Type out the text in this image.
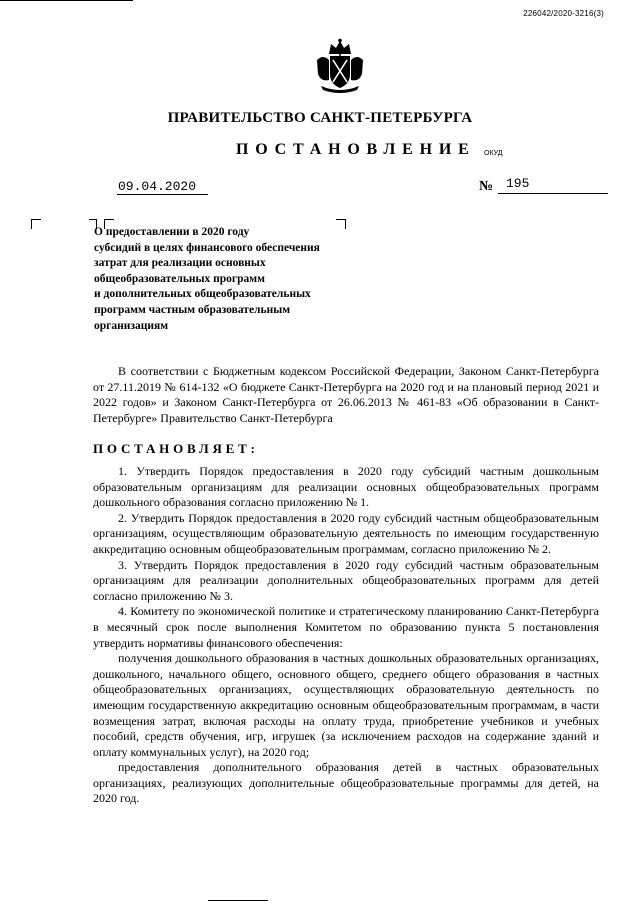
226042/2020-3216(3)
ПРАВИТЕЛЬСТВО САНКТ-ПЕТЕРБУРГА
ПОСТАНОВЛЕНИЕ ОКУД
09.04.2020	№ 195
О предоставлении в 2020 году
субсидий в целях финансового обеспечения
затрат для реализации основных
общеобразовательных программ
и дополнительных общеобразовательных
программ частным образовательным
организациям

В соответствии с Бюджетным кодексом Российской Федерации, Законом Санкт-Петербурга от 27.11.2019 № 614-132 «О бюджете Санкт-Петербурга на 2020 год и на плановый период 2021 и 2022 годов» и Законом Санкт-Петербурга от 26.06.2013 № 461-83 «Об образовании в Санкт-Петербурге» Правительство Санкт-Петербурга

ПОСТАНОВЛЯЕТ:

1. Утвердить Порядок предоставления в 2020 году субсидий частным дошкольным образовательным организациям для реализации основных общеобразовательных программ дошкольного образования согласно приложению № 1.

2. Утвердить Порядок предоставления в 2020 году субсидий частным общеобразовательным организациям, осуществляющим образовательную деятельность по имеющим государственную аккредитацию основным общеобразовательным программам, согласно приложению № 2.

3. Утвердить Порядок предоставления в 2020 году субсидий частным образовательным организациям для реализации дополнительных общеобразовательных программ для детей согласно приложению № 3.

4. Комитету по экономической политике и стратегическому планированию Санкт-Петербурга в месячный срок после выполнения Комитетом по образованию пункта 5 постановления утвердить нормативы финансового обеспечения:

получения дошкольного образования в частных дошкольных образовательных организациях, дошкольного, начального общего, основного общего, среднего общего образования в частных общеобразовательных организациях, осуществляющих образовательную деятельность по имеющим государственную аккредитацию основным общеобразовательным программам, в части возмещения затрат, включая расходы на оплату труда, приобретение учебников и учебных пособий, средств обучения, игр, игрушек (за исключением расходов на содержание зданий и оплату коммунальных услуг), на 2020 год;

предоставления дополнительного образования детей в частных образовательных организациях, реализующих дополнительные общеобразовательные программы для детей, на 2020 год.
